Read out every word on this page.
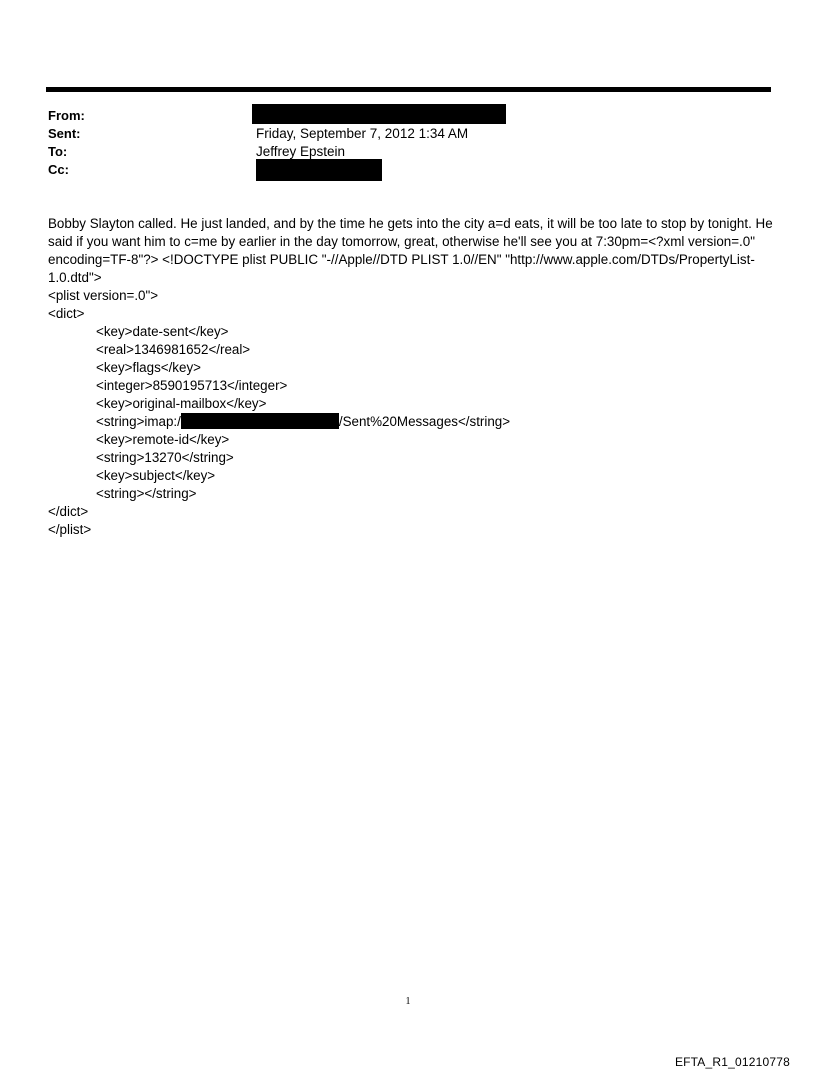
From:
Sent:	Friday, September 7, 2012 1:34 AM
To:	Jeffrey Epstein
Cc:

Bobby Slayton called. He just landed, and by the time he gets into the city a=d eats, it will be too late to stop by tonight. He said if you want him to c=me by earlier in the day tomorrow, great, otherwise he'll see you at 7:30pm=<?xml version=.0" encoding=TF-8"?> <!DOCTYPE plist PUBLIC "-//Apple//DTD PLIST 1.0//EN" "http://www.apple.com/DTDs/PropertyList-1.0.dtd">

<plist version=.0">
<dict>
<key>date-sent</key>
<real>1346981652</real>
<key>flags</key>
<integer>8590195713</integer>
<key>original-mailbox</key>
<string>imap:/	/Sent%20Messages</string>
<key>remote-id</key>
<string>13270</string>
<key>subject</key>
<string></string>
</dict>
</plist>
1
EFTA_R1_01210778
